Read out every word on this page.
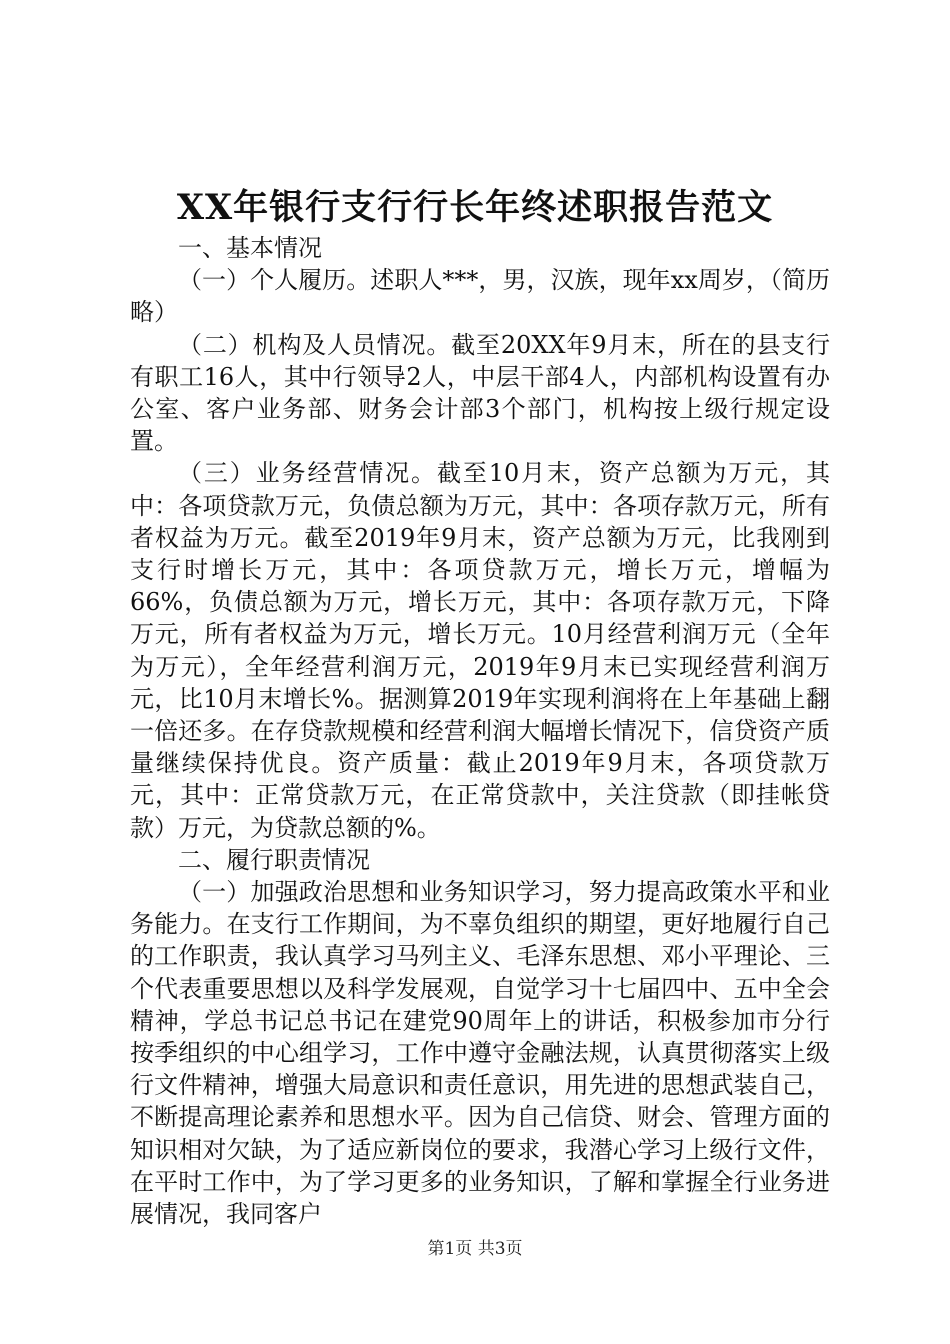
XX年银行支行行长年终述职报告范文

一、基本情况

（一）个人履历。述职人***，男，汉族，现年xx周岁，（简历略）

（二）机构及人员情况。截至20XX年9月末，所在的县支行有职工16人，其中行领导2人，中层干部4人，内部机构设置有办公室、客户业务部、财务会计部3个部门，机构按上级行规定设置。

（三）业务经营情况。截至10月末，资产总额为万元，其中：各项贷款万元，负债总额为万元，其中：各项存款万元，所有者权益为万元。截至2019年9月末，资产总额为万元，比我刚到支行时增长万元，其中：各项贷款万元，增长万元，增幅为66%，负债总额为万元，增长万元，其中：各项存款万元，下降万元，所有者权益为万元，增长万元。10月经营利润万元（全年为万元），全年经营利润万元，2019年9月末已实现经营利润万元，比10月末增长%。据测算2019年实现利润将在上年基础上翻一倍还多。在存贷款规模和经营利润大幅增长情况下，信贷资产质量继续保持优良。资产质量：截止2019年9月末，各项贷款万元，其中：正常贷款万元，在正常贷款中，关注贷款（即挂帐贷款）万元，为贷款总额的%。

二、履行职责情况

（一）加强政治思想和业务知识学习，努力提高政策水平和业务能力。在支行工作期间，为不辜负组织的期望，更好地履行自己的工作职责，我认真学习马列主义、毛泽东思想、邓小平理论、三个代表重要思想以及科学发展观，自觉学习十七届四中、五中全会精神，学总书记总书记在建党90周年上的讲话，积极参加市分行按季组织的中心组学习，工作中遵守金融法规，认真贯彻落实上级行文件精神，增强大局意识和责任意识，用先进的思想武装自己，不断提高理论素养和思想水平。因为自己信贷、财会、管理方面的知识相对欠缺，为了适应新岗位的要求，我潜心学习上级行文件，在平时工作中，为了学习更多的业务知识，了解和掌握全行业务进展情况，我同客户

第1页 共3页
